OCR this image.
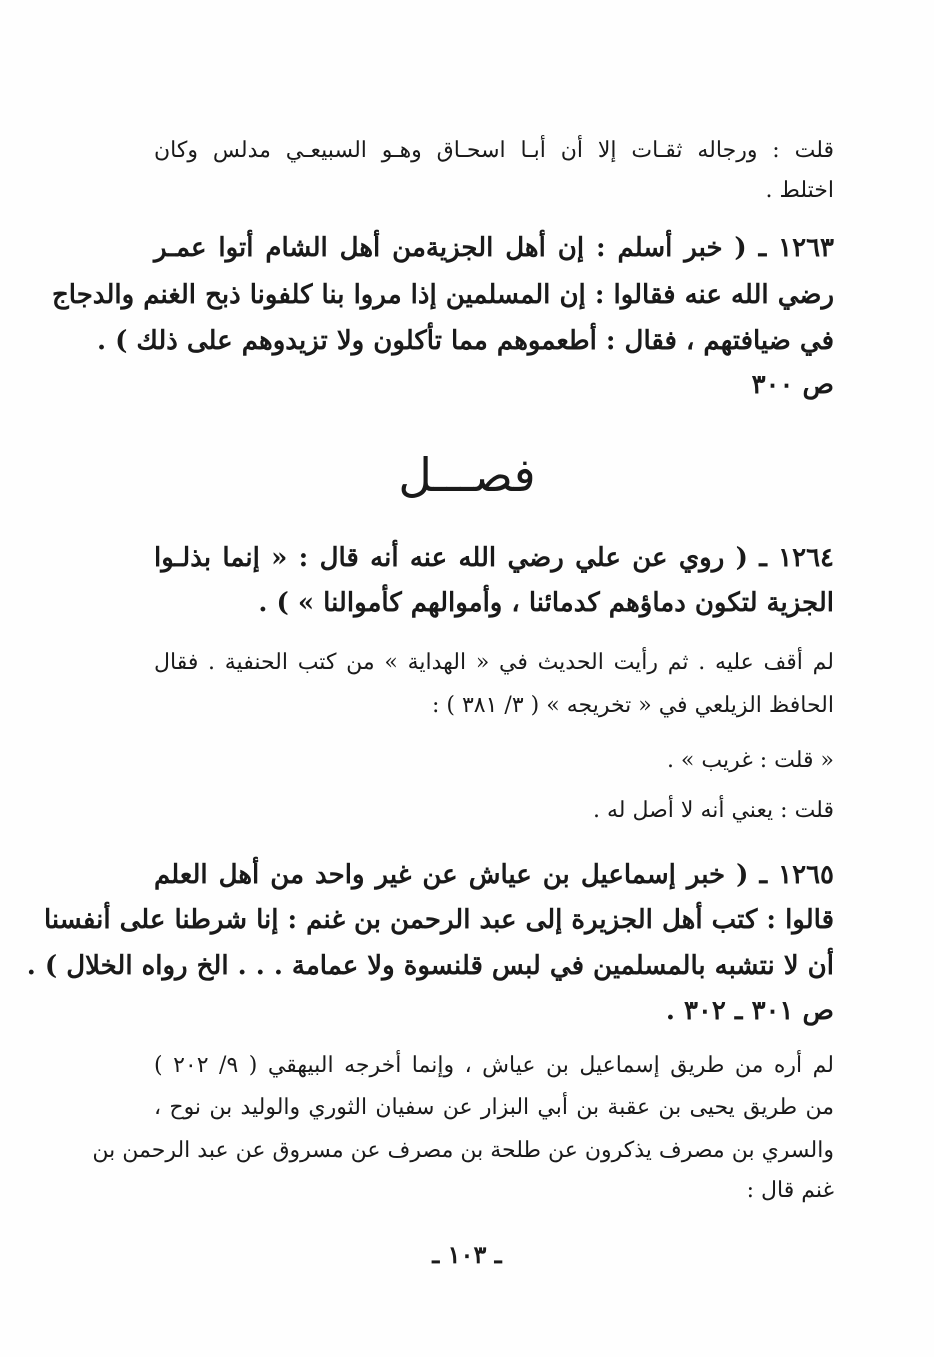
قلت : ورجاله ثقـات إلا أن أبـا اسحـاق وهـو السبيعـي مدلس وكان
اختلط .
١٢٦٣ ـ ( خبر أسلم : إن أهل الجزيةمن أهل الشام أتوا عمـر
رضي الله عنه فقالوا : إن المسلمين إذا مروا بنا كلفونا ذبح الغنم والدجاج
في ضيافتهم ، فقال : أطعموهم مما تأكلون ولا تزيدوهم على ذلك ) .
ص ٣٠٠
فصـــل
١٢٦٤ ـ ( روي عن علي رضي الله عنه أنه قال : « إنما بذلـوا
الجزية لتكون دماؤهم كدمائنا ، وأموالهم كأموالنا » ) .
لم أقف عليه . ثم رأيت الحديث في « الهداية » من كتب الحنفية . فقال
الحافظ الزيلعي في « تخريجه » ( ٣/ ٣٨١ ) :
« قلت : غريب » .
قلت : يعني أنه لا أصل له .
١٢٦٥ ـ ( خبر إسماعيل بن عياش عن غير واحد من أهل العلم
قالوا : كتب أهل الجزيرة إلى عبد الرحمن بن غنم : إنا شرطنا على أنفسنا
أن لا نتشبه بالمسلمين في لبس قلنسوة ولا عمامة . . . الخ رواه الخلال ) .
ص ٣٠١ ـ ٣٠٢ .
لم أره من طريق إسماعيل بن عياش ، وإنما أخرجه البيهقي ( ٩/ ٢٠٢ )
من طريق يحيى بن عقبة بن أبي البزار عن سفيان الثوري والوليد بن نوح ،
والسري بن مصرف يذكرون عن طلحة بن مصرف عن مسروق عن عبد الرحمن بن
غنم قال :
ـ ١٠٣ ـ
